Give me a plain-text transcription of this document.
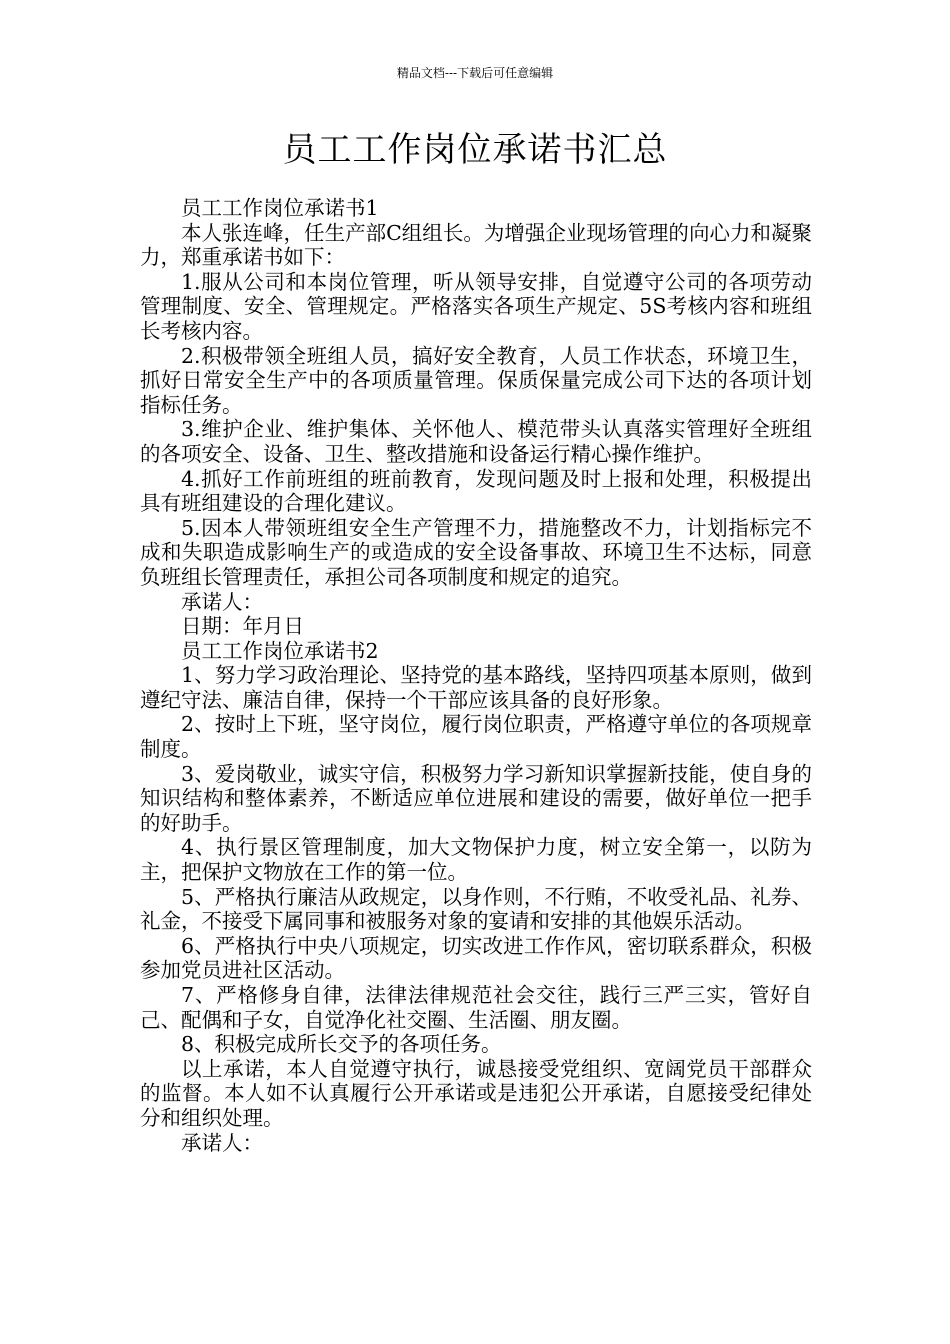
精品文档---下载后可任意编辑
员工工作岗位承诺书汇总

员工工作岗位承诺书1

本人张连峰，任生产部C组组长。为增强企业现场管理的向心力和凝聚力，郑重承诺书如下：

1.服从公司和本岗位管理，听从领导安排，自觉遵守公司的各项劳动管理制度、安全、管理规定。严格落实各项生产规定、5S考核内容和班组长考核内容。

2.积极带领全班组人员，搞好安全教育，人员工作状态，环境卫生，抓好日常安全生产中的各项质量管理。保质保量完成公司下达的各项计划指标任务。

3.维护企业、维护集体、关怀他人、模范带头认真落实管理好全班组的各项安全、设备、卫生、整改措施和设备运行精心操作维护。

4.抓好工作前班组的班前教育，发现问题及时上报和处理，积极提出具有班组建设的合理化建议。

5.因本人带领班组安全生产管理不力，措施整改不力，计划指标完不成和失职造成影响生产的或造成的安全设备事故、环境卫生不达标，同意负班组长管理责任，承担公司各项制度和规定的追究。

承诺人：

日期：年月日

员工工作岗位承诺书2

1、努力学习政治理论、坚持党的基本路线，坚持四项基本原则，做到遵纪守法、廉洁自律，保持一个干部应该具备的良好形象。

2、按时上下班，坚守岗位，履行岗位职责，严格遵守单位的各项规章制度。

3、爱岗敬业，诚实守信，积极努力学习新知识掌握新技能，使自身的知识结构和整体素养，不断适应单位进展和建设的需要，做好单位一把手的好助手。

4、执行景区管理制度，加大文物保护力度，树立安全第一，以防为主，把保护文物放在工作的第一位。

5、严格执行廉洁从政规定，以身作则，不行贿，不收受礼品、礼券、礼金，不接受下属同事和被服务对象的宴请和安排的其他娱乐活动。

6、严格执行中央八项规定，切实改进工作作风，密切联系群众，积极参加党员进社区活动。

7、严格修身自律，法律法律规范社会交往，践行三严三实，管好自己、配偶和子女，自觉净化社交圈、生活圈、朋友圈。

8、积极完成所长交予的各项任务。

以上承诺，本人自觉遵守执行，诚恳接受党组织、宽阔党员干部群众的监督。本人如不认真履行公开承诺或是违犯公开承诺，自愿接受纪律处分和组织处理。

承诺人：
